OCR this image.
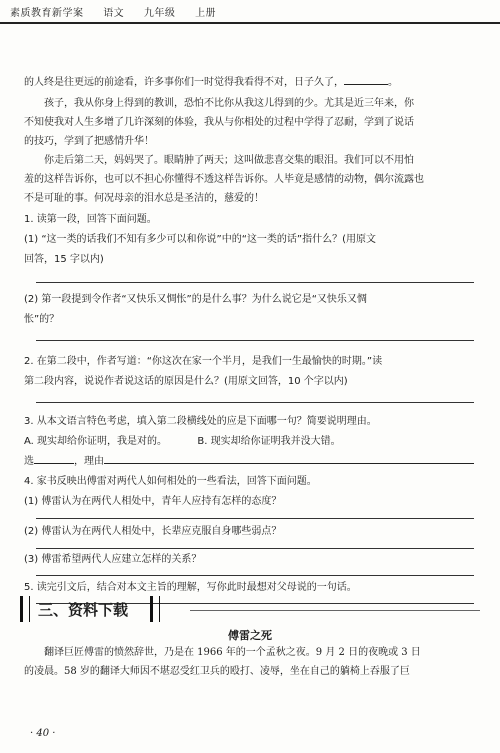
素质教育新学案 语文 九年级 上册
的人终是往更远的前途看，许多事你们一时觉得我看得不对，日子久了，	。
孩子，我从你身上得到的教训，恐怕不比你从我这儿得到的少。尤其是近三年来，你
不知使我对人生多增了几许深刻的体验，我从与你相处的过程中学得了忍耐，学到了说话
的技巧，学到了把感情升华！
你走后第二天，妈妈哭了。眼睛肿了两天；这叫做悲喜交集的眼泪。我们可以不用怕
羞的这样告诉你，也可以不担心你懂得不透这样告诉你。人毕竟是感情的动物，偶尔流露也
不是可耻的事。何况母亲的泪水总是圣洁的，慈爱的！
1. 读第一段，回答下面问题。
(1) “这一类的话我们不知有多少可以和你说”中的“这一类的话”指什么？(用原文
回答，15 字以内)
(2) 第一段提到令作者“又快乐又惆怅”的是什么事？为什么说它是“又快乐又惆
怅”的？
2. 在第二段中，作者写道：“你这次在家一个半月，是我们一生最愉快的时期。”读
第二段内容，说说作者说这话的原因是什么？(用原文回答，10 个字以内)
3. 从本文语言特色考虑，填入第二段横线处的应是下面哪一句？简要说明理由。
A. 现实却给你证明，我是对的。	B. 现实却给你证明我并没大错。
选	，理由
4. 家书反映出傅雷对两代人如何相处的一些看法，回答下面问题。
(1) 傅雷认为在两代人相处中，青年人应持有怎样的态度？
(2) 傅雷认为在两代人相处中，长辈应克服自身哪些弱点？
(3) 傅雷希望两代人应建立怎样的关系？
5. 读完引文后，结合对本文主旨的理解，写你此时最想对父母说的一句话。
三、资料下载
傅雷之死
翻译巨匠傅雷的愤然辞世，乃是在 1966 年的一个孟秋之夜。9 月 2 日的夜晚或 3 日
的凌晨。58 岁的翻译大师因不堪忍受红卫兵的殴打、凌辱，坐在自己的躺椅上吞服了巨
· 40 ·
